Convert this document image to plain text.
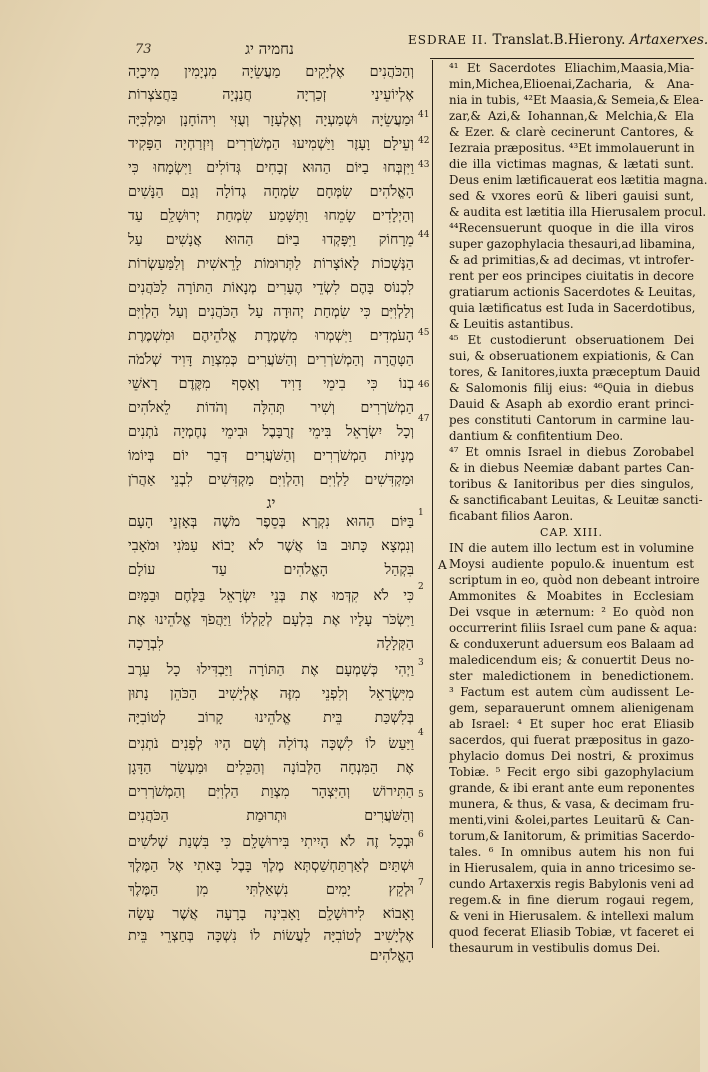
73	נחמיה יג	ESDRAE II. Translat.B.Hierony. Artaxerxes.
וְהַכֹּהֲנִים אֶלְיָקִים מַעֲשֵׂיָה מִנְיָמִין מִיכָיָה
אֶלְיוֹעֵינַי זְכַרְיָה חֲנַנְיָה בַּחֲצֹצְרוֹת
וּמַעֲשֵׂיָה וּשְׁמַעְיָה וְאֶלְעָזָר וְעֻזִּי וִיהוֹחָנָן וּמַלְכִּיָּה
וְעֵילָם וָעָזֶר וַיַּשְׁמִיעוּ הַמְשֹׁרְרִים וְיִזְרַחְיָה הַפָּקִיד
וַיִּזְבְּחוּ בַיּוֹם הַהוּא זְבָחִים גְּדוֹלִים וַיִּשְׂמָחוּ כִּי
הָאֱלֹהִים שִׂמְּחָם שִׂמְחָה גְדוֹלָה וְגַם הַנָּשִׁים
וְהַיְלָדִים שָׂמֵחוּ וַתִּשָּׁמַע שִׂמְחַת יְרוּשָׁלִַם עַד
מֵרָחוֹק וַיִּפָּקְדוּ בַיּוֹם הַהוּא אֲנָשִׁים עַל
הַנְּשָׁכוֹת לָאוֹצָרוֹת לַתְּרוּמוֹת לָרֵאשִׁית וְלַמַּעַשְׂרוֹת
לִכְנוֹס בָּהֶם לִשְׂדֵי הֶעָרִים מְנָאוֹת הַתּוֹרָה לַכֹּהֲנִים
וְלַלְוִיִּם כִּי שִׂמְחַת יְהוּדָה עַל הַכֹּהֲנִים וְעַל הַלְוִיִּם
הָעֹמְדִים וַיִּשְׁמְרוּ מִשְׁמֶרֶת אֱלֹהֵיהֶם וּמִשְׁמֶרֶת
הַטָּהֳרָה וְהַמְשֹׁרְרִים וְהַשֹּׁעֲרִים כְּמִצְוַת דָּוִיד שְׁלֹמֹה
בְנוֹ כִּי בִימֵי דָוִיד וְאָסָף מִקֶּדֶם רָאשֵׁי
הַמְשֹׁרְרִים וְשִׁיר תְּהִלָּה וְהֹדוֹת לֵאלֹהִים
וְכָל יִשְׂרָאֵל בִּימֵי זְרֻבָּבֶל וּבִימֵי נְחֶמְיָה נֹתְנִים
מְנָיוֹת הַמְשֹׁרְרִים וְהַשֹּׁעֲרִים דְּבַר יוֹם בְּיוֹמוֹ
וּמַקְדִּשִׁים לַלְוִיִּם וְהַלְוִיִּם מַקְדִּשִׁים לִבְנֵי אַהֲרֹן
יג
בַּיּוֹם הַהוּא נִקְרָא בְּסֵפֶר מֹשֶׁה בְּאָזְנֵי הָעָם
וְנִמְצָא כָּתוּב בּוֹ אֲשֶׁר לֹא יָבוֹא עַמֹּנִי וּמֹאָבִי
בִּקְהַל הָאֱלֹהִים עַד עוֹלָם
כִּי לֹא קִדְּמוּ אֶת בְּנֵי יִשְׂרָאֵל בַּלֶּחֶם וּבַמָּיִם
וַיִּשְׂכֹּר עָלָיו אֶת בִּלְעָם לְקַלְלוֹ וַיַּהֲפֹךְ אֱלֹהֵינוּ אֶת
הַקְּלָלָה לִבְרָכָה
וַיְהִי כְּשָׁמְעָם אֶת הַתּוֹרָה וַיַּבְדִּילוּ כָל עֵרֶב
מִיִּשְׂרָאֵל וְלִפְנֵי מִזֶּה אֶלְיָשִׁיב הַכֹּהֵן נָתוּן
בְּלִשְׁכַּת בֵּית אֱלֹהֵינוּ קָרוֹב לְטוֹבִיָּה
וַיַּעַשׂ לוֹ לִשְׁכָּה גְדוֹלָה וְשָׁם הָיוּ לְפָנִים נֹתְנִים
אֶת הַמִּנְחָה הַלְּבוֹנָה וְהַכֵּלִים וּמַעְשַׂר הַדָּגָן
הַתִּירוֹשׁ וְהַיִּצְהָר מִצְוַת הַלְוִיִּם וְהַמְשֹׁרְרִים
וְהַשֹּׁעֲרִים וּתְרוּמַת הַכֹּהֲנִים
וּבְכָל זֶה לֹא הָיִיתִי בִּירוּשָׁלִָם כִּי בִּשְׁנַת שְׁלֹשִׁים
וּשְׁתַּיִם לְאַרְתַּחְשַׁסְתְּא מֶלֶךְ בָּבֶל בָּאתִי אֶל הַמֶּלֶךְ
וּלְקֵץ יָמִים נִשְׁאַלְתִּי מִן הַמֶּלֶךְ
וָאָבוֹא לִירוּשָׁלִָם וָאָבִינָה בָרָעָה אֲשֶׁר עָשָׂה
אֶלְיָשִׁיב לְטוֹבִיָּה לַעֲשׂוֹת לוֹ נִשְׁכָּה בְּחַצְרֵי בֵּית
הָאֱלֹהִים
41
42
43
44
45
46
47
1
2
3
4
5
6
7
⁴¹ Et Sacerdotes Eliachim,Maasia,Mia-
min,Michea,Elioenai,Zacharia, & Ana-
nia in tubis, ⁴²Et Maasia,& Semeia,& Elea-
zar,& Azi,& Iohannan,& Melchia,& Ela
& Ezer. & clarè cecinerunt Cantores, &
Iezraia præpositus. ⁴³Et immolauerunt in
die illa victimas magnas, & lætati sunt.
Deus enim lætificauerat eos lætitia magna.
sed & vxores eorū & liberi gauisi sunt,
& audita est lætitia illa Hierusalem procul.
⁴⁴Recensuerunt quoque in die illa viros
super gazophylacia thesauri,ad libamina,
& ad primitias,& ad decimas, vt introfer-
rent per eos principes ciuitatis in decore
gratiarum actionis Sacerdotes & Leuitas,
quia lætificatus est Iuda in Sacerdotibus,
& Leuitis astantibus.
⁴⁵ Et custodierunt obseruationem Dei
sui, & obseruationem expiationis, & Can
tores, & Ianitores,iuxta præceptum Dauid
& Salomonis filij eius: ⁴⁶Quia in diebus
Dauid & Asaph ab exordio erant princi-
pes constituti Cantorum in carmine lau-
dantium & confitentium Deo.
⁴⁷ Et omnis Israel in diebus Zorobabel
& in diebus Neemiæ dabant partes Can-
toribus & Ianitoribus per dies singulos,
& sanctificabant Leuitas, & Leuitæ sancti-
ficabant filios Aaron.
CAP. XIII.
A
IN die autem illo lectum est in volumine
Moysi audiente populo.& inuentum est
scriptum in eo, quòd non debeant introire
Ammonites & Moabites in Ecclesiam
Dei vsque in æternum: ² Eo quòd non
occurrerint filiis Israel cum pane & aqua:
& conduxerunt aduersum eos Balaam ad
maledicendum eis; & conuertit Deus no-
ster maledictionem in benedictionem.
³ Factum est autem cùm audissent Le-
gem, separauerunt omnem alienigenam
ab Israel: ⁴ Et super hoc erat Eliasib
sacerdos, qui fuerat præpositus in gazo-
phylacio domus Dei nostri, & proximus
Tobiæ. ⁵ Fecit ergo sibi gazophylacium
grande, & ibi erant ante eum reponentes
munera, & thus, & vasa, & decimam fru-
menti,vini &olei,partes Leuitarū & Can-
torum,& Ianitorum, & primitias Sacerdo-
tales. ⁶ In omnibus autem his non fui
in Hierusalem, quia in anno tricesimo se-
cundo Artaxerxis regis Babylonis veni ad
regem.& in fine dierum rogaui regem,
& veni in Hierusalem. & intellexi malum
quod fecerat Eliasib Tobiæ, vt faceret ei
thesaurum in vestibulis domus Dei.
